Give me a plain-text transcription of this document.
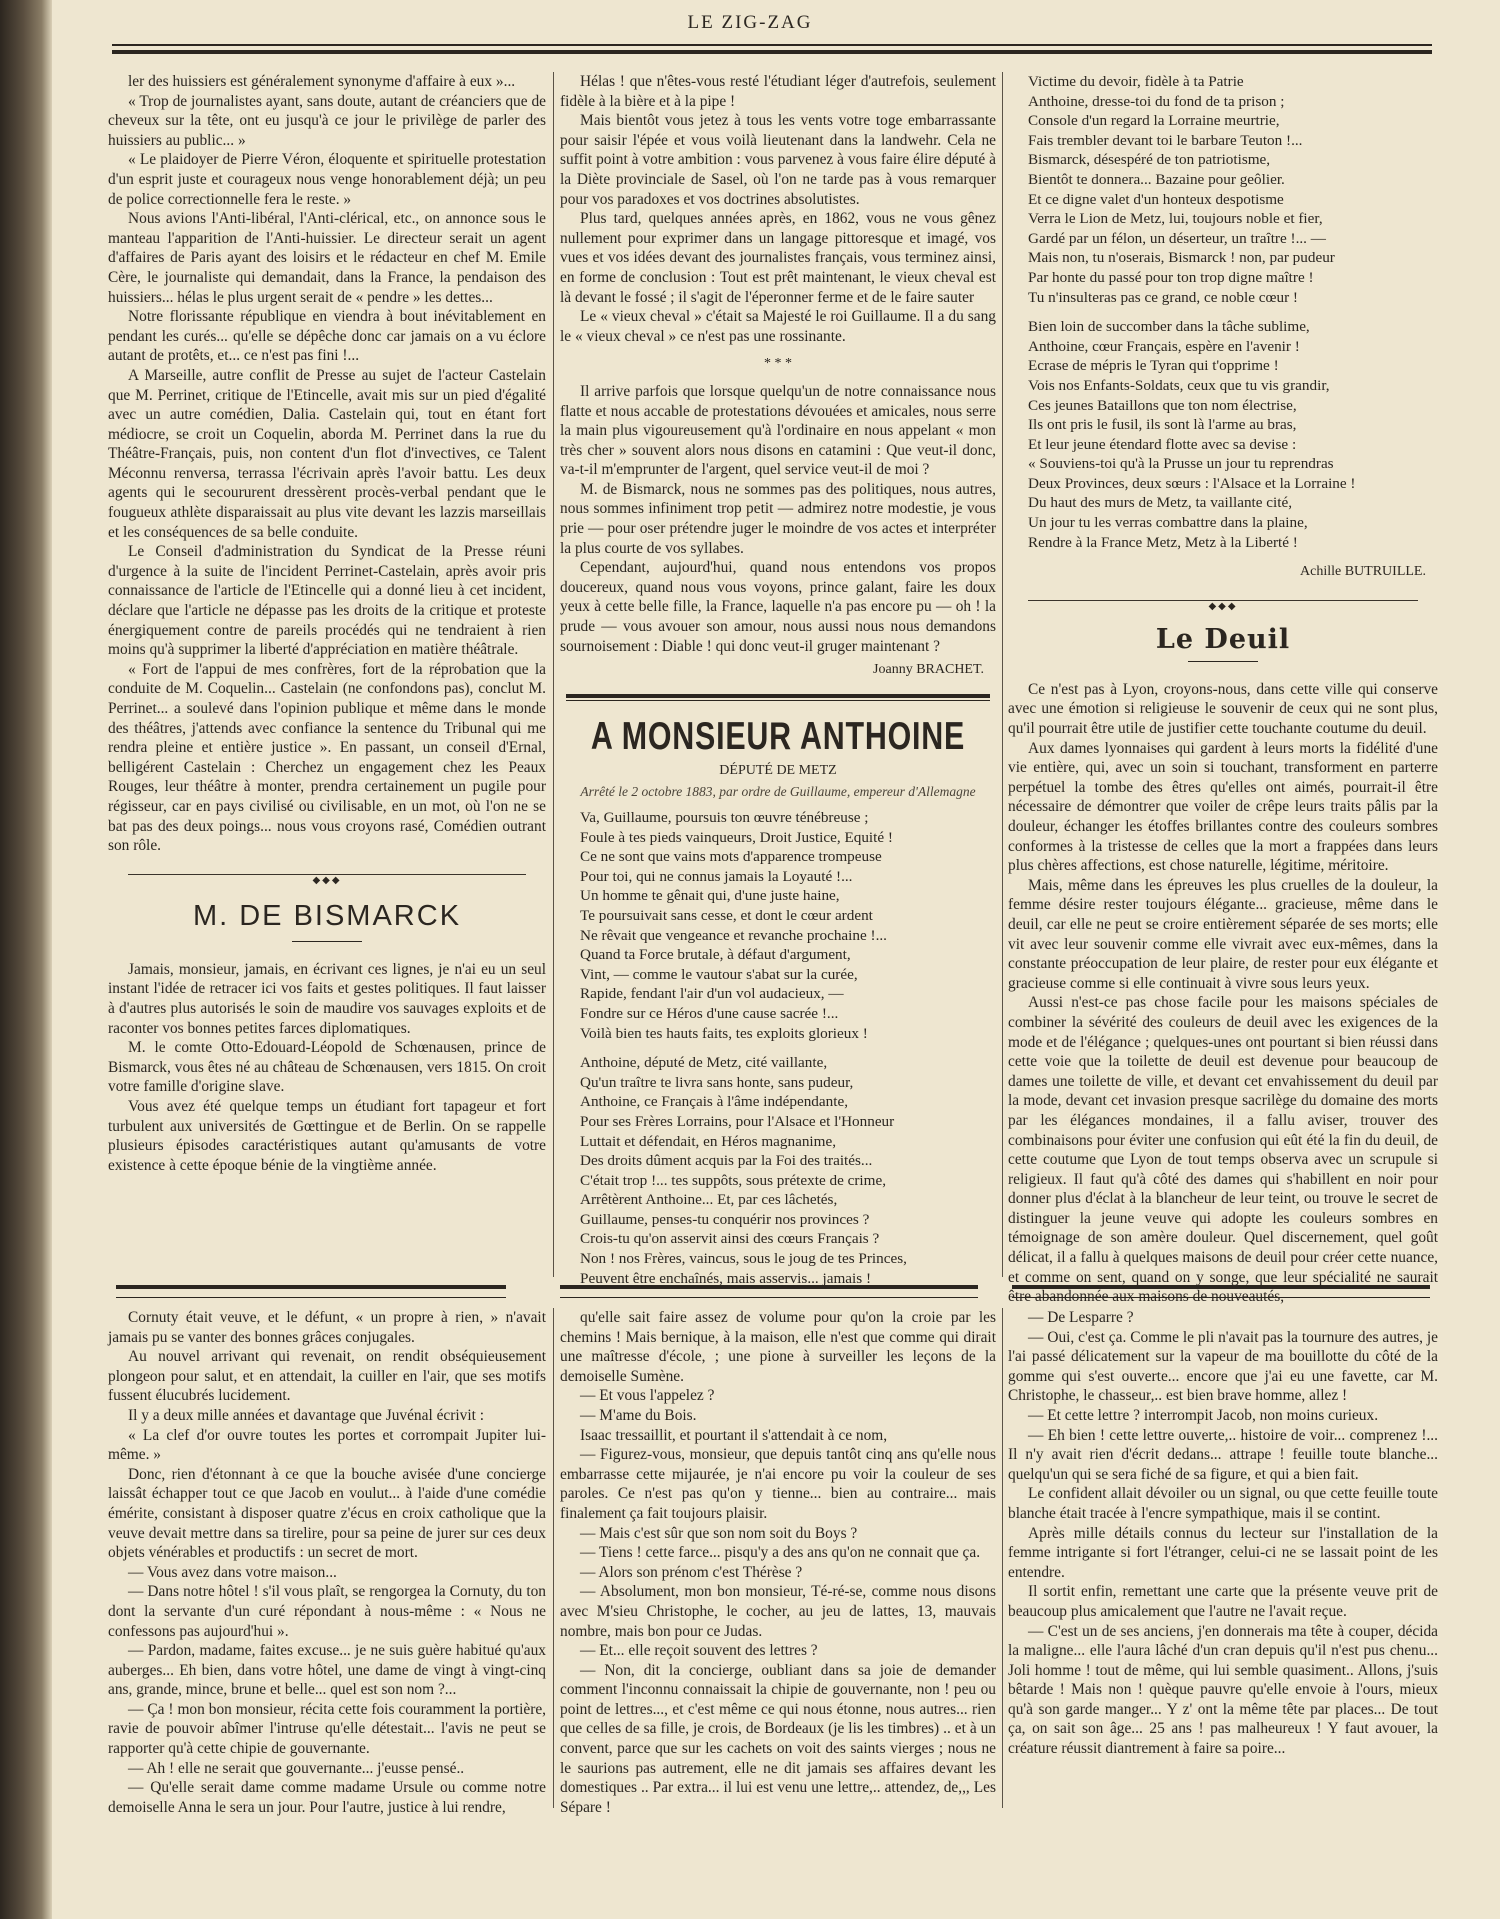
LE ZIG-ZAG

ler des huissiers est généralement synonyme d'affaire à eux »...

« Trop de journalistes ayant, sans doute, autant de créanciers que de cheveux sur la tête, ont eu jusqu'à ce jour le privilège de parler des huissiers au public... »

« Le plaidoyer de Pierre Véron, éloquente et spirituelle protestation d'un esprit juste et courageux nous venge honorablement déjà; un peu de police correctionnelle fera le reste. »

Nous avions l'Anti-libéral, l'Anti-clérical, etc., on annonce sous le manteau l'apparition de l'Anti-huissier. Le directeur serait un agent d'affaires de Paris ayant des loisirs et le rédacteur en chef M. Emile Cère, le journaliste qui demandait, dans la France, la pendaison des huissiers... hélas le plus urgent serait de « pendre » les dettes...

Notre florissante république en viendra à bout inévitablement en pendant les curés... qu'elle se dépêche donc car jamais on a vu éclore autant de protêts, et... ce n'est pas fini !...

A Marseille, autre conflit de Presse au sujet de l'acteur Castelain que M. Perrinet, critique de l'Etincelle, avait mis sur un pied d'égalité avec un autre comédien, Dalia. Castelain qui, tout en étant fort médiocre, se croit un Coquelin, aborda M. Perrinet dans la rue du Théâtre-Français, puis, non content d'un flot d'invectives, ce Talent Méconnu renversa, terrassa l'écrivain après l'avoir battu. Les deux agents qui le secoururent dressèrent procès-verbal pendant que le fougueux athlète disparaissait au plus vite devant les lazzis marseillais et les conséquences de sa belle conduite.

Le Conseil d'administration du Syndicat de la Presse réuni d'urgence à la suite de l'incident Perrinet-Castelain, après avoir pris connaissance de l'article de l'Etincelle qui a donné lieu à cet incident, déclare que l'article ne dépasse pas les droits de la critique et proteste énergiquement contre de pareils procédés qui ne tendraient à rien moins qu'à supprimer la liberté d'appréciation en matière théâtrale.

« Fort de l'appui de mes confrères, fort de la réprobation que la conduite de M. Coquelin... Castelain (ne confondons pas), conclut M. Perrinet... a soulevé dans l'opinion publique et même dans le monde des théâtres, j'attends avec confiance la sentence du Tribunal qui me rendra pleine et entière justice ». En passant, un conseil d'Ernal, belligérent Castelain : Cherchez un engagement chez les Peaux Rouges, leur théâtre à monter, prendra certainement un pugile pour régisseur, car en pays civilisé ou civilisable, en un mot, où l'on ne se bat pas des deux poings... nous vous croyons rasé, Comédien outrant son rôle.

◆◆◆
M. DE BISMARCK

Jamais, monsieur, jamais, en écrivant ces lignes, je n'ai eu un seul instant l'idée de retracer ici vos faits et gestes politiques. Il faut laisser à d'autres plus autorisés le soin de maudire vos sauvages exploits et de raconter vos bonnes petites farces diplomatiques.

M. le comte Otto-Edouard-Léopold de Schœnausen, prince de Bismarck, vous êtes né au château de Schœnausen, vers 1815. On croit votre famille d'origine slave.

Vous avez été quelque temps un étudiant fort tapageur et fort turbulent aux universités de Gœttingue et de Berlin. On se rappelle plusieurs épisodes caractéristiques autant qu'amusants de votre existence à cette époque bénie de la vingtième année.

Hélas ! que n'êtes-vous resté l'étudiant léger d'autrefois, seulement fidèle à la bière et à la pipe !

Mais bientôt vous jetez à tous les vents votre toge embarrassante pour saisir l'épée et vous voilà lieutenant dans la landwehr. Cela ne suffit point à votre ambition : vous parvenez à vous faire élire député à la Diète provinciale de Sasel, où l'on ne tarde pas à vous remarquer pour vos paradoxes et vos doctrines absolutistes.

Plus tard, quelques années après, en 1862, vous ne vous gênez nullement pour exprimer dans un langage pittoresque et imagé, vos vues et vos idées devant des journalistes français, vous terminez ainsi, en forme de conclusion : Tout est prêt maintenant, le vieux cheval est là devant le fossé ; il s'agit de l'éperonner ferme et de le faire sauter

Le « vieux cheval » c'était sa Majesté le roi Guillaume. Il a du sang le « vieux cheval » ce n'est pas une rossinante.

* * *

Il arrive parfois que lorsque quelqu'un de notre connaissance nous flatte et nous accable de protestations dévouées et amicales, nous serre la main plus vigoureusement qu'à l'ordinaire en nous appelant « mon très cher » souvent alors nous disons en catamini : Que veut-il donc, va-t-il m'emprunter de l'argent, quel service veut-il de moi ?

M. de Bismarck, nous ne sommes pas des politiques, nous autres, nous sommes infiniment trop petit — admirez notre modestie, je vous prie — pour oser prétendre juger le moindre de vos actes et interpréter la plus courte de vos syllabes.

Cependant, aujourd'hui, quand nous entendons vos propos doucereux, quand nous vous voyons, prince galant, faire les doux yeux à cette belle fille, la France, laquelle n'a pas encore pu — oh ! la prude — vous avouer son amour, nous aussi nous nous demandons sournoisement : Diable ! qui donc veut-il gruger maintenant ?

Joanny BRACHET.

A MONSIEUR ANTHOINE

DÉPUTÉ DE METZ

Arrêté le 2 octobre 1883, par ordre de Guillaume, empereur d'Allemagne

Va, Guillaume, poursuis ton œuvre ténébreuse ;

Foule à tes pieds vainqueurs, Droit Justice, Equité !

Ce ne sont que vains mots d'apparence trompeuse

Pour toi, qui ne connus jamais la Loyauté !...

Un homme te gênait qui, d'une juste haine,

Te poursuivait sans cesse, et dont le cœur ardent

Ne rêvait que vengeance et revanche prochaine !...

Quand ta Force brutale, à défaut d'argument,

Vint, — comme le vautour s'abat sur la curée,

Rapide, fendant l'air d'un vol audacieux, —

Fondre sur ce Héros d'une cause sacrée !...

Voilà bien tes hauts faits, tes exploits glorieux !

Anthoine, député de Metz, cité vaillante,

Qu'un traître te livra sans honte, sans pudeur,

Anthoine, ce Français à l'âme indépendante,

Pour ses Frères Lorrains, pour l'Alsace et l'Honneur

Luttait et défendait, en Héros magnanime,

Des droits dûment acquis par la Foi des traités...

C'était trop !... tes suppôts, sous prétexte de crime,

Arrêtèrent Anthoine... Et, par ces lâchetés,

Guillaume, penses-tu conquérir nos provinces ?

Crois-tu qu'on asservit ainsi des cœurs Français ?

Non ! nos Frères, vaincus, sous le joug de tes Princes,

Peuvent être enchaînés, mais asservis... jamais !

Victime du devoir, fidèle à ta Patrie

Anthoine, dresse-toi du fond de ta prison ;

Console d'un regard la Lorraine meurtrie,

Fais trembler devant toi le barbare Teuton !...

Bismarck, désespéré de ton patriotisme,

Bientôt te donnera... Bazaine pour geôlier.

Et ce digne valet d'un honteux despotisme

Verra le Lion de Metz, lui, toujours noble et fier,

Gardé par un félon, un déserteur, un traître !... —

Mais non, tu n'oserais, Bismarck ! non, par pudeur

Par honte du passé pour ton trop digne maître !

Tu n'insulteras pas ce grand, ce noble cœur !

Bien loin de succomber dans la tâche sublime,

Anthoine, cœur Français, espère en l'avenir !

Ecrase de mépris le Tyran qui t'opprime !

Vois nos Enfants-Soldats, ceux que tu vis grandir,

Ces jeunes Bataillons que ton nom électrise,

Ils ont pris le fusil, ils sont là l'arme au bras,

Et leur jeune étendard flotte avec sa devise :

« Souviens-toi qu'à la Prusse un jour tu reprendras

Deux Provinces, deux sœurs : l'Alsace et la Lorraine !

Du haut des murs de Metz, ta vaillante cité,

Un jour tu les verras combattre dans la plaine,

Rendre à la France Metz, Metz à la Liberté !

Achille BUTRUILLE.

◆◆◆
Le Deuil

Ce n'est pas à Lyon, croyons-nous, dans cette ville qui conserve avec une émotion si religieuse le souvenir de ceux qui ne sont plus, qu'il pourrait être utile de justifier cette touchante coutume du deuil.

Aux dames lyonnaises qui gardent à leurs morts la fidélité d'une vie entière, qui, avec un soin si touchant, transforment en parterre perpétuel la tombe des êtres qu'elles ont aimés, pourrait-il être nécessaire de démontrer que voiler de crêpe leurs traits pâlis par la douleur, échanger les étoffes brillantes contre des couleurs sombres conformes à la tristesse de celles que la mort a frappées dans leurs plus chères affections, est chose naturelle, légitime, méritoire.

Mais, même dans les épreuves les plus cruelles de la douleur, la femme désire rester toujours élégante... gracieuse, même dans le deuil, car elle ne peut se croire entièrement séparée de ses morts; elle vit avec leur souvenir comme elle vivrait avec eux-mêmes, dans la constante préoccupation de leur plaire, de rester pour eux élégante et gracieuse comme si elle continuait à vivre sous leurs yeux.

Aussi n'est-ce pas chose facile pour les maisons spéciales de combiner la sévérité des couleurs de deuil avec les exigences de la mode et de l'élégance ; quelques-unes ont pourtant si bien réussi dans cette voie que la toilette de deuil est devenue pour beaucoup de dames une toilette de ville, et devant cet envahissement du deuil par la mode, devant cet invasion presque sacrilège du domaine des morts par les élégances mondaines, il a fallu aviser, trouver des combinaisons pour éviter une confusion qui eût été la fin du deuil, de cette coutume que Lyon de tout temps observa avec un scrupule si religieux. Il faut qu'à côté des dames qui s'habillent en noir pour donner plus d'éclat à la blancheur de leur teint, ou trouve le secret de distinguer la jeune veuve qui adopte les couleurs sombres en témoignage de son amère douleur. Quel discernement, quel goût délicat, il a fallu à quelques maisons de deuil pour créer cette nuance, et comme on sent, quand on y songe, que leur spécialité ne saurait être abandonnée aux maisons de nouveautés,

Cornuty était veuve, et le défunt, « un propre à rien, » n'avait jamais pu se vanter des bonnes grâces conjugales.

Au nouvel arrivant qui revenait, on rendit obséquieusement plongeon pour salut, et en attendait, la cuiller en l'air, que ses motifs fussent élucubrés lucidement.

Il y a deux mille années et davantage que Juvénal écrivit :

« La clef d'or ouvre toutes les portes et corrompait Jupiter lui-même. »

Donc, rien d'étonnant à ce que la bouche avisée d'une concierge laissât échapper tout ce que Jacob en voulut... à l'aide d'une comédie émérite, consistant à disposer quatre z'écus en croix catholique que la veuve devait mettre dans sa tirelire, pour sa peine de jurer sur ces deux objets vénérables et productifs : un secret de mort.

— Vous avez dans votre maison...

— Dans notre hôtel ! s'il vous plaît, se rengorgea la Cornuty, du ton dont la servante d'un curé répondant à nous-même : « Nous ne confessons pas aujourd'hui ».

— Pardon, madame, faites excuse... je ne suis guère habitué qu'aux auberges... Eh bien, dans votre hôtel, une dame de vingt à vingt-cinq ans, grande, mince, brune et belle... quel est son nom ?...

— Ça ! mon bon monsieur, récita cette fois couramment la portière, ravie de pouvoir abîmer l'intruse qu'elle détestait... l'avis ne peut se rapporter qu'à cette chipie de gouvernante.

— Ah ! elle ne serait que gouvernante... j'eusse pensé..

— Qu'elle serait dame comme madame Ursule ou comme notre demoiselle Anna le sera un jour. Pour l'autre, justice à lui rendre,

qu'elle sait faire assez de volume pour qu'on la croie par les chemins ! Mais bernique, à la maison, elle n'est que comme qui dirait une maîtresse d'école, ; une pione à surveiller les leçons de la demoiselle Sumène.

— Et vous l'appelez ?

— M'ame du Bois.

Isaac tressaillit, et pourtant il s'attendait à ce nom,

— Figurez-vous, monsieur, que depuis tantôt cinq ans qu'elle nous embarrasse cette mijaurée, je n'ai encore pu voir la couleur de ses paroles. Ce n'est pas qu'on y tienne... bien au contraire... mais finalement ça fait toujours plaisir.

— Mais c'est sûr que son nom soit du Boys ?

— Tiens ! cette farce... pisqu'y a des ans qu'on ne connait que ça.

— Alors son prénom c'est Thérèse ?

— Absolument, mon bon monsieur, Té-ré-se, comme nous disons avec M'sieu Christophe, le cocher, au jeu de lattes, 13, mauvais nombre, mais bon pour ce Judas.

— Et... elle reçoit souvent des lettres ?

— Non, dit la concierge, oubliant dans sa joie de demander comment l'inconnu connaissait la chipie de gouvernante, non ! peu ou point de lettres..., et c'est même ce qui nous étonne, nous autres... rien que celles de sa fille, je crois, de Bordeaux (je lis les timbres) .. et à un convent, parce que sur les cachets on voit des saints vierges ; nous ne le saurions pas autrement, elle ne dit jamais ses affaires devant les domestiques .. Par extra... il lui est venu une lettre,.. attendez, de,,, Les Sépare !

— De Lesparre ?

— Oui, c'est ça. Comme le pli n'avait pas la tournure des autres, je l'ai passé délicatement sur la vapeur de ma bouillotte du côté de la gomme qui s'est ouverte... encore que j'ai eu une favette, car M. Christophe, le chasseur,.. est bien brave homme, allez !

— Et cette lettre ? interrompit Jacob, non moins curieux.

— Eh bien ! cette lettre ouverte,.. histoire de voir... comprenez !... Il n'y avait rien d'écrit dedans... attrape ! feuille toute blanche... quelqu'un qui se sera fiché de sa figure, et qui a bien fait.

Le confident allait dévoiler ou un signal, ou que cette feuille toute blanche était tracée à l'encre sympathique, mais il se contint.

Après mille détails connus du lecteur sur l'installation de la femme intrigante si fort l'étranger, celui-ci ne se lassait point de les entendre.

Il sortit enfin, remettant une carte que la présente veuve prit de beaucoup plus amicalement que l'autre ne l'avait reçue.

— C'est un de ses anciens, j'en donnerais ma tête à couper, décida la maligne... elle l'aura lâché d'un cran depuis qu'il n'est pus chenu... Joli homme ! tout de même, qui lui semble quasiment.. Allons, j'suis bêtarde ! Mais non ! quèque pauvre qu'elle envoie à l'ours, mieux qu'à son garde manger... Y z' ont la même tête par places... De tout ça, on sait son âge... 25 ans ! pas malheureux ! Y faut avouer, la créature réussit diantrement à faire sa poire...
